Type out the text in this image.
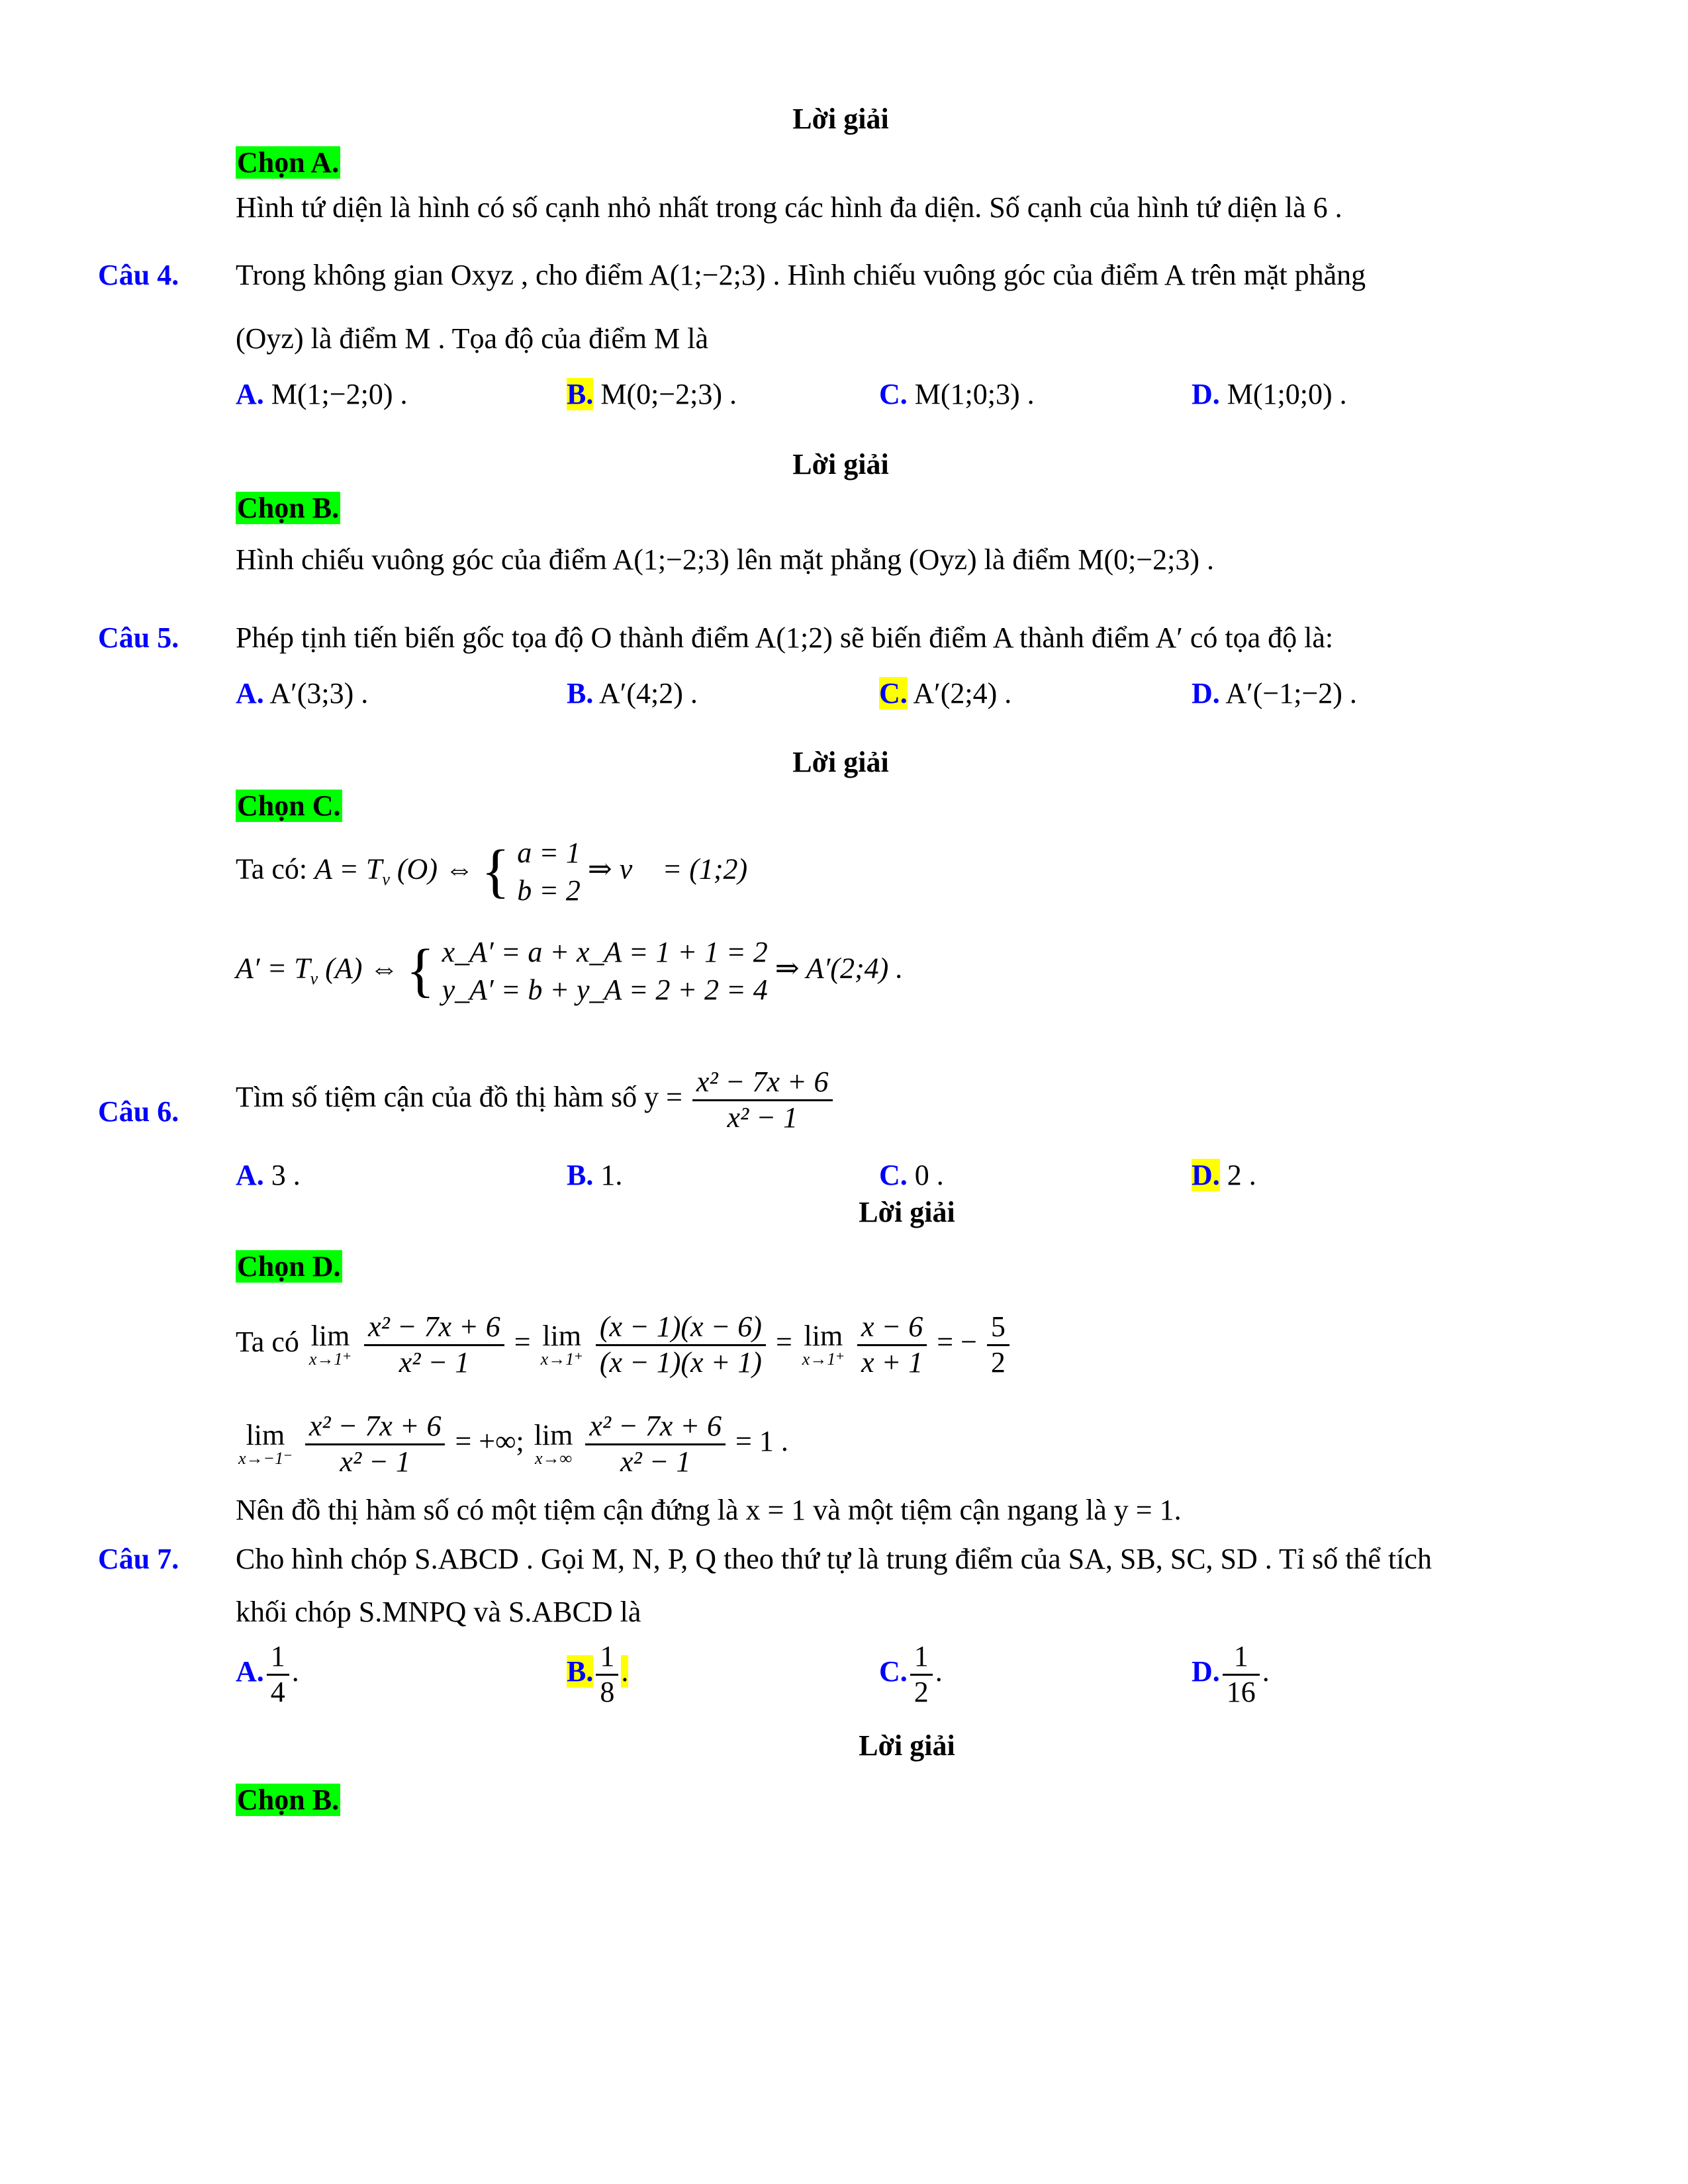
Lời giải
Chọn A.
Hình tứ diện là hình có số cạnh nhỏ nhất trong các hình đa diện. Số cạnh của hình tứ diện là 6 .
Câu 4. Trong không gian Oxyz , cho điểm A(1;−2;3) . Hình chiếu vuông góc của điểm A trên mặt phẳng
(Oyz) là điểm M . Tọa độ của điểm M là
A. M(1;−2;0) .	B. M(0;−2;3) .	C. M(1;0;3) .	D. M(1;0;0) .
Lời giải
Chọn B.
Hình chiếu vuông góc của điểm A(1;−2;3) lên mặt phẳng (Oyz) là điểm M(0;−2;3) .
Câu 5. Phép tịnh tiến biến gốc tọa độ O thành điểm A(1;2) sẽ biến điểm A thành điểm A′ có tọa độ là:
A. A′(3;3) .	B. A′(4;2) .	C. A′(2;4) .	D. A′(−1;−2) .
Lời giải
Chọn C.
Ta có: $A = T_v$ (O) ⇔ { a = 1
b = 2
⇒ v⃗ = (1;2)
$A' = T_v$ (A) ⇔ { x_A′ = a + x_A = 1 + 1 = 2
y_A′ = b + y_A = 2 + 2 = 4
⇒ A′(2;4) .
Câu 6. Tìm số tiệm cận của đồ thị hàm số $y = \frac{\text{x² − 7x + 6}}{\text{x² − 1}}$
A. 3 .	B. 1.	C. 0 .	D. 2 .
Lời giải
Chọn D.
Ta có lim
x→1⁺
$\frac{\text{x² − 7x + 6}}{\text{x² − 1}} = \lim$
x→1⁺
$\frac{(x - 1)(x - 6)}{(x - 1)(x + 1)} = \lim$
x→1⁺
$\frac{x - 6}{x + 1}$ = − $\frac{5}{2}$
lim
x→−1⁻
$\frac{\text{x² − 7x + 6}}{\text{x² − 1}}$ = +∞; lim
x→∞
$\frac{\text{x² − 7x + 6}}{\text{x² − 1}} = 1$ .
Nên đồ thị hàm số có một tiệm cận đứng là x = 1 và một tiệm cận ngang là y = 1.
Câu 7. Cho hình chóp S.ABCD . Gọi M, N, P, Q theo thứ tự là trung điểm của SA, SB, SC, SD . Tỉ số thể tích
khối chóp S.MNPQ và S.ABCD là
A. $\frac{1}{4}$ .	B. $\frac{1}{8}$ .	C. $\frac{1}{2}$ .	D. $\frac{1}{16}$ .
Lời giải
Chọn B.
